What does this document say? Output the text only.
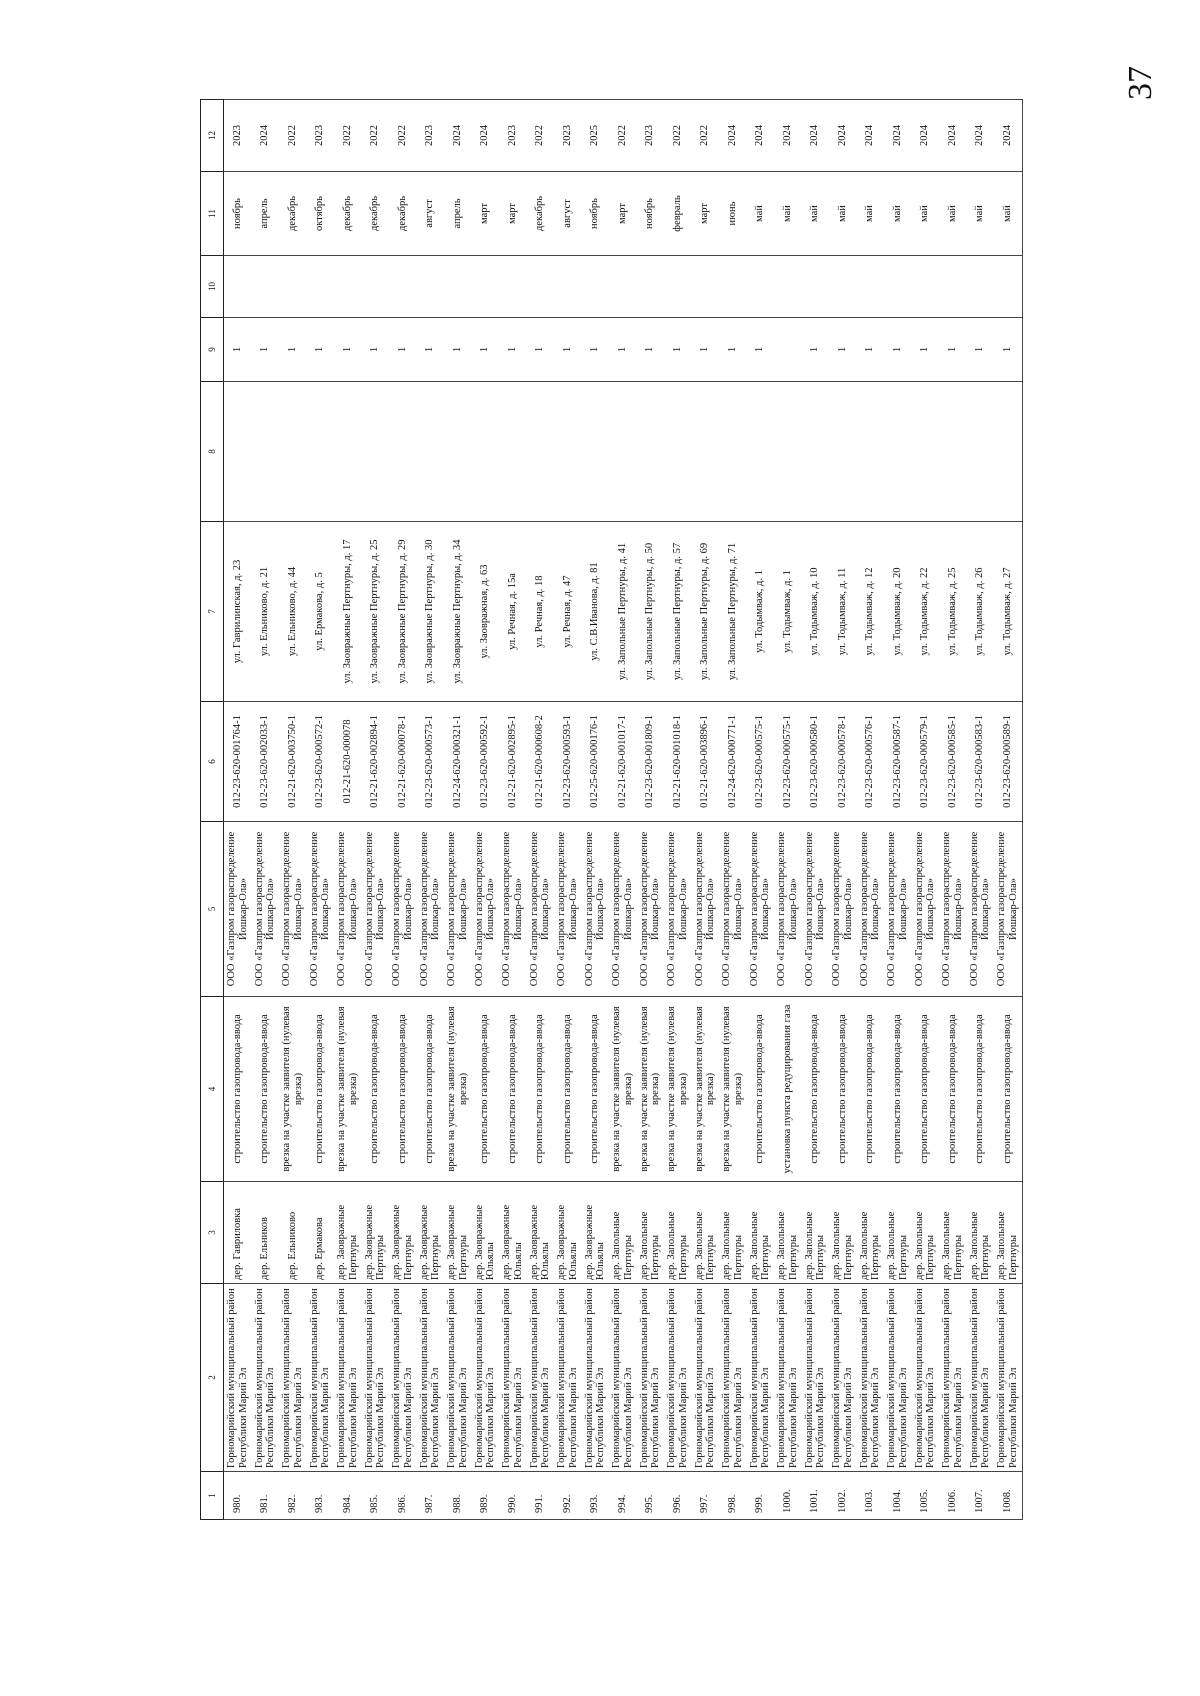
37
1	2	3	4	5	6	7	8	9	10	11	12
980.	Горномарийский муниципальный район Республики Марий Эл	дер. Гавриловка	строительство газопровода-ввода	ООО «Газпром газораспределение Йошкар-Ола»	012-23-620-001764-1	ул. Гаврилинская, д. 23		1		ноябрь	2023
981.	Горномарийский муниципальный район Республики Марий Эл	дер. Ельников	строительство газопровода-ввода	ООО «Газпром газораспределение Йошкар-Ола»	012-23-620-002033-1	ул. Ельниково, д. 21		1		апрель	2024
982.	Горномарийский муниципальный район Республики Марий Эл	дер. Ельниково	врезка на участке заявителя (нулевая врезка)	ООО «Газпром газораспределение Йошкар-Ола»	012-21-620-003750-1	ул. Ельниково, д. 44		1		декабрь	2022
983.	Горномарийский муниципальный район Республики Марий Эл	дер. Ермакова	строительство газопровода-ввода	ООО «Газпром газораспределение Йошкар-Ола»	012-23-620-000572-1	ул. Ермакова, д. 5		1		октябрь	2023
984.	Горномарийский муниципальный район Республики Марий Эл	дер. Заовражные Пертнуры	врезка на участке заявителя (нулевая врезка)	ООО «Газпром газораспределение Йошкар-Ола»	012-21-620-000078	ул. Заовражные Пертнуры, д. 17		1		декабрь	2022
985.	Горномарийский муниципальный район Республики Марий Эл	дер. Заовражные Пертнуры	строительство газопровода-ввода	ООО «Газпром газораспределение Йошкар-Ола»	012-21-620-002894-1	ул. Заовражные Пертнуры, д. 25		1		декабрь	2022
986.	Горномарийский муниципальный район Республики Марий Эл	дер. Заовражные Пертнуры	строительство газопровода-ввода	ООО «Газпром газораспределение Йошкар-Ола»	012-21-620-000078-1	ул. Заовражные Пертнуры, д. 29		1		декабрь	2022
987.	Горномарийский муниципальный район Республики Марий Эл	дер. Заовражные Пертнуры	строительство газопровода-ввода	ООО «Газпром газораспределение Йошкар-Ола»	012-23-620-000573-1	ул. Заовражные Пертнуры, д. 30		1		август	2023
988.	Горномарийский муниципальный район Республики Марий Эл	дер. Заовражные Пертнуры	врезка на участке заявителя (нулевая врезка)	ООО «Газпром газораспределение Йошкар-Ола»	012-24-620-000321-1	ул. Заовражные Пертнуры, д. 34		1		апрель	2024
989.	Горномарийский муниципальный район Республики Марий Эл	дер. Заовражные Юльялы	строительство газопровода-ввода	ООО «Газпром газораспределение Йошкар-Ола»	012-23-620-000592-1	ул. Заовражная, д. 63		1		март	2024
990.	Горномарийский муниципальный район Республики Марий Эл	дер. Заовражные Юльялы	строительство газопровода-ввода	ООО «Газпром газораспределение Йошкар-Ола»	012-21-620-002895-1	ул. Речная, д. 15а		1		март	2023
991.	Горномарийский муниципальный район Республики Марий Эл	дер. Заовражные Юльялы	строительство газопровода-ввода	ООО «Газпром газораспределение Йошкар-Ола»	012-21-620-000608-2	ул. Речная, д. 18		1		декабрь	2022
992.	Горномарийский муниципальный район Республики Марий Эл	дер. Заовражные Юльялы	строительство газопровода-ввода	ООО «Газпром газораспределение Йошкар-Ола»	012-23-620-000593-1	ул. Речная, д. 47		1		август	2023
993.	Горномарийский муниципальный район Республики Марий Эл	дер. Заовражные Юльялы	строительство газопровода-ввода	ООО «Газпром газораспределение Йошкар-Ола»	012-25-620-000176-1	ул. С.В.Иванова, д. 81		1		ноябрь	2025
994.	Горномарийский муниципальный район Республики Марий Эл	дер. Запольные Пертнуры	врезка на участке заявителя (нулевая врезка)	ООО «Газпром газораспределение Йошкар-Ола»	012-21-620-001017-1	ул. Запольные Пертнуры, д. 41		1		март	2022
995.	Горномарийский муниципальный район Республики Марий Эл	дер. Запольные Пертнуры	врезка на участке заявителя (нулевая врезка)	ООО «Газпром газораспределение Йошкар-Ола»	012-23-620-001809-1	ул. Запольные Пертнуры, д. 50		1		ноябрь	2023
996.	Горномарийский муниципальный район Республики Марий Эл	дер. Запольные Пертнуры	врезка на участке заявителя (нулевая врезка)	ООО «Газпром газораспределение Йошкар-Ола»	012-21-620-001018-1	ул. Запольные Пертнуры, д. 57		1		февраль	2022
997.	Горномарийский муниципальный район Республики Марий Эл	дер. Запольные Пертнуры	врезка на участке заявителя (нулевая врезка)	ООО «Газпром газораспределение Йошкар-Ола»	012-21-620-003896-1	ул. Запольные Пертнуры, д. 69		1		март	2022
998.	Горномарийский муниципальный район Республики Марий Эл	дер. Запольные Пертнуры	врезка на участке заявителя (нулевая врезка)	ООО «Газпром газораспределение Йошкар-Ола»	012-24-620-000771-1	ул. Запольные Пертнуры, д. 71		1		июнь	2024
999.	Горномарийский муниципальный район Республики Марий Эл	дер. Запольные Пертнуры	строительство газопровода-ввода	ООО «Газпром газораспределение Йошкар-Ола»	012-23-620-000575-1	ул. Тодымваж, д. 1		1		май	2024
1000.	Горномарийский муниципальный район Республики Марий Эл	дер. Запольные Пертнуры	установка пункта редуцирования газа	ООО «Газпром газораспределение Йошкар-Ола»	012-23-620-000575-1	ул. Тодымваж, д. 1				май	2024
1001.	Горномарийский муниципальный район Республики Марий Эл	дер. Запольные Пертнуры	строительство газопровода-ввода	ООО «Газпром газораспределение Йошкар-Ола»	012-23-620-000580-1	ул. Тодымваж, д. 10		1		май	2024
1002.	Горномарийский муниципальный район Республики Марий Эл	дер. Запольные Пертнуры	строительство газопровода-ввода	ООО «Газпром газораспределение Йошкар-Ола»	012-23-620-000578-1	ул. Тодымваж, д. 11		1		май	2024
1003.	Горномарийский муниципальный район Республики Марий Эл	дер. Запольные Пертнуры	строительство газопровода-ввода	ООО «Газпром газораспределение Йошкар-Ола»	012-23-620-000576-1	ул. Тодымваж, д. 12		1		май	2024
1004.	Горномарийский муниципальный район Республики Марий Эл	дер. Запольные Пертнуры	строительство газопровода-ввода	ООО «Газпром газораспределение Йошкар-Ола»	012-23-620-000587-1	ул. Тодымваж, д. 20		1		май	2024
1005.	Горномарийский муниципальный район Республики Марий Эл	дер. Запольные Пертнуры	строительство газопровода-ввода	ООО «Газпром газораспределение Йошкар-Ола»	012-23-620-000579-1	ул. Тодымваж, д. 22		1		май	2024
1006.	Горномарийский муниципальный район Республики Марий Эл	дер. Запольные Пертнуры	строительство газопровода-ввода	ООО «Газпром газораспределение Йошкар-Ола»	012-23-620-000585-1	ул. Тодымваж, д. 25		1		май	2024
1007.	Горномарийский муниципальный район Республики Марий Эл	дер. Запольные Пертнуры	строительство газопровода-ввода	ООО «Газпром газораспределение Йошкар-Ола»	012-23-620-000583-1	ул. Тодымваж, д. 26		1		май	2024
1008.	Горномарийский муниципальный район Республики Марий Эл	дер. Запольные Пертнуры	строительство газопровода-ввода	ООО «Газпром газораспределение Йошкар-Ола»	012-23-620-000589-1	ул. Тодымваж, д. 27		1		май	2024
